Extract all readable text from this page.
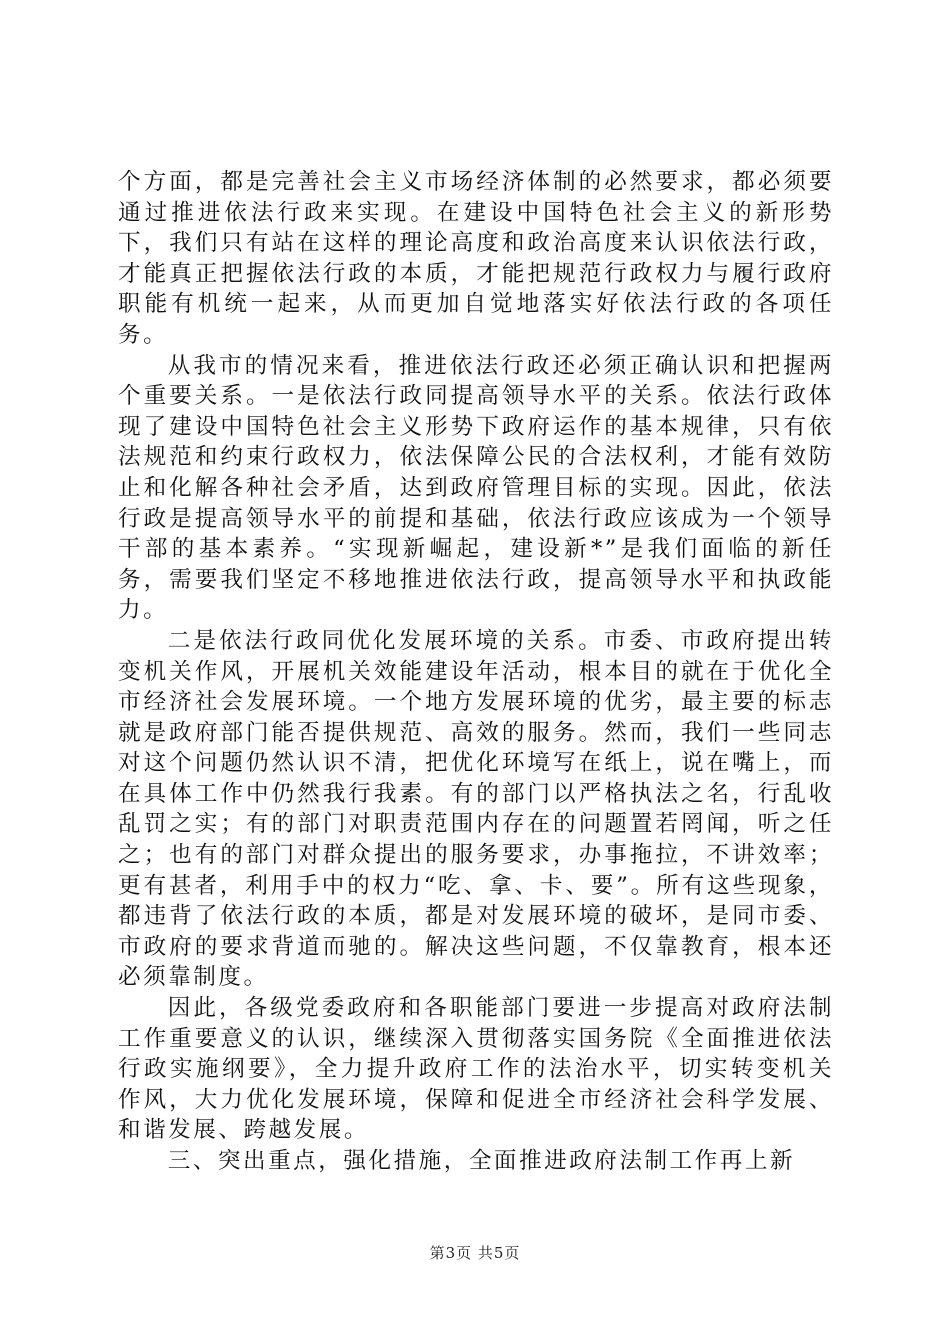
个方面，都是完善社会主义市场经济体制的必然要求，都必须要通过推进依法行政来实现。在建设中国特色社会主义的新形势下，我们只有站在这样的理论高度和政治高度来认识依法行政，才能真正把握依法行政的本质，才能把规范行政权力与履行政府职能有机统一起来，从而更加自觉地落实好依法行政的各项任务。

从我市的情况来看，推进依法行政还必须正确认识和把握两个重要关系。一是依法行政同提高领导水平的关系。依法行政体现了建设中国特色社会主义形势下政府运作的基本规律，只有依法规范和约束行政权力，依法保障公民的合法权利，才能有效防止和化解各种社会矛盾，达到政府管理目标的实现。因此，依法行政是提高领导水平的前提和基础，依法行政应该成为一个领导干部的基本素养。“实现新崛起，建设新*”是我们面临的新任务，需要我们坚定不移地推进依法行政，提高领导水平和执政能力。

二是依法行政同优化发展环境的关系。市委、市政府提出转变机关作风，开展机关效能建设年活动，根本目的就在于优化全市经济社会发展环境。一个地方发展环境的优劣，最主要的标志就是政府部门能否提供规范、高效的服务。然而，我们一些同志对这个问题仍然认识不清，把优化环境写在纸上，说在嘴上，而在具体工作中仍然我行我素。有的部门以严格执法之名，行乱收乱罚之实；有的部门对职责范围内存在的问题置若罔闻，听之任之；也有的部门对群众提出的服务要求，办事拖拉，不讲效率；更有甚者，利用手中的权力“吃、拿、卡、要”。所有这些现象，都违背了依法行政的本质，都是对发展环境的破坏，是同市委、市政府的要求背道而驰的。解决这些问题，不仅靠教育，根本还必须靠制度。

因此，各级党委政府和各职能部门要进一步提高对政府法制工作重要意义的认识，继续深入贯彻落实国务院《全面推进依法行政实施纲要》，全力提升政府工作的法治水平，切实转变机关作风，大力优化发展环境，保障和促进全市经济社会科学发展、和谐发展、跨越发展。

三、突出重点，强化措施，全面推进政府法制工作再上新

第3页 共5页
